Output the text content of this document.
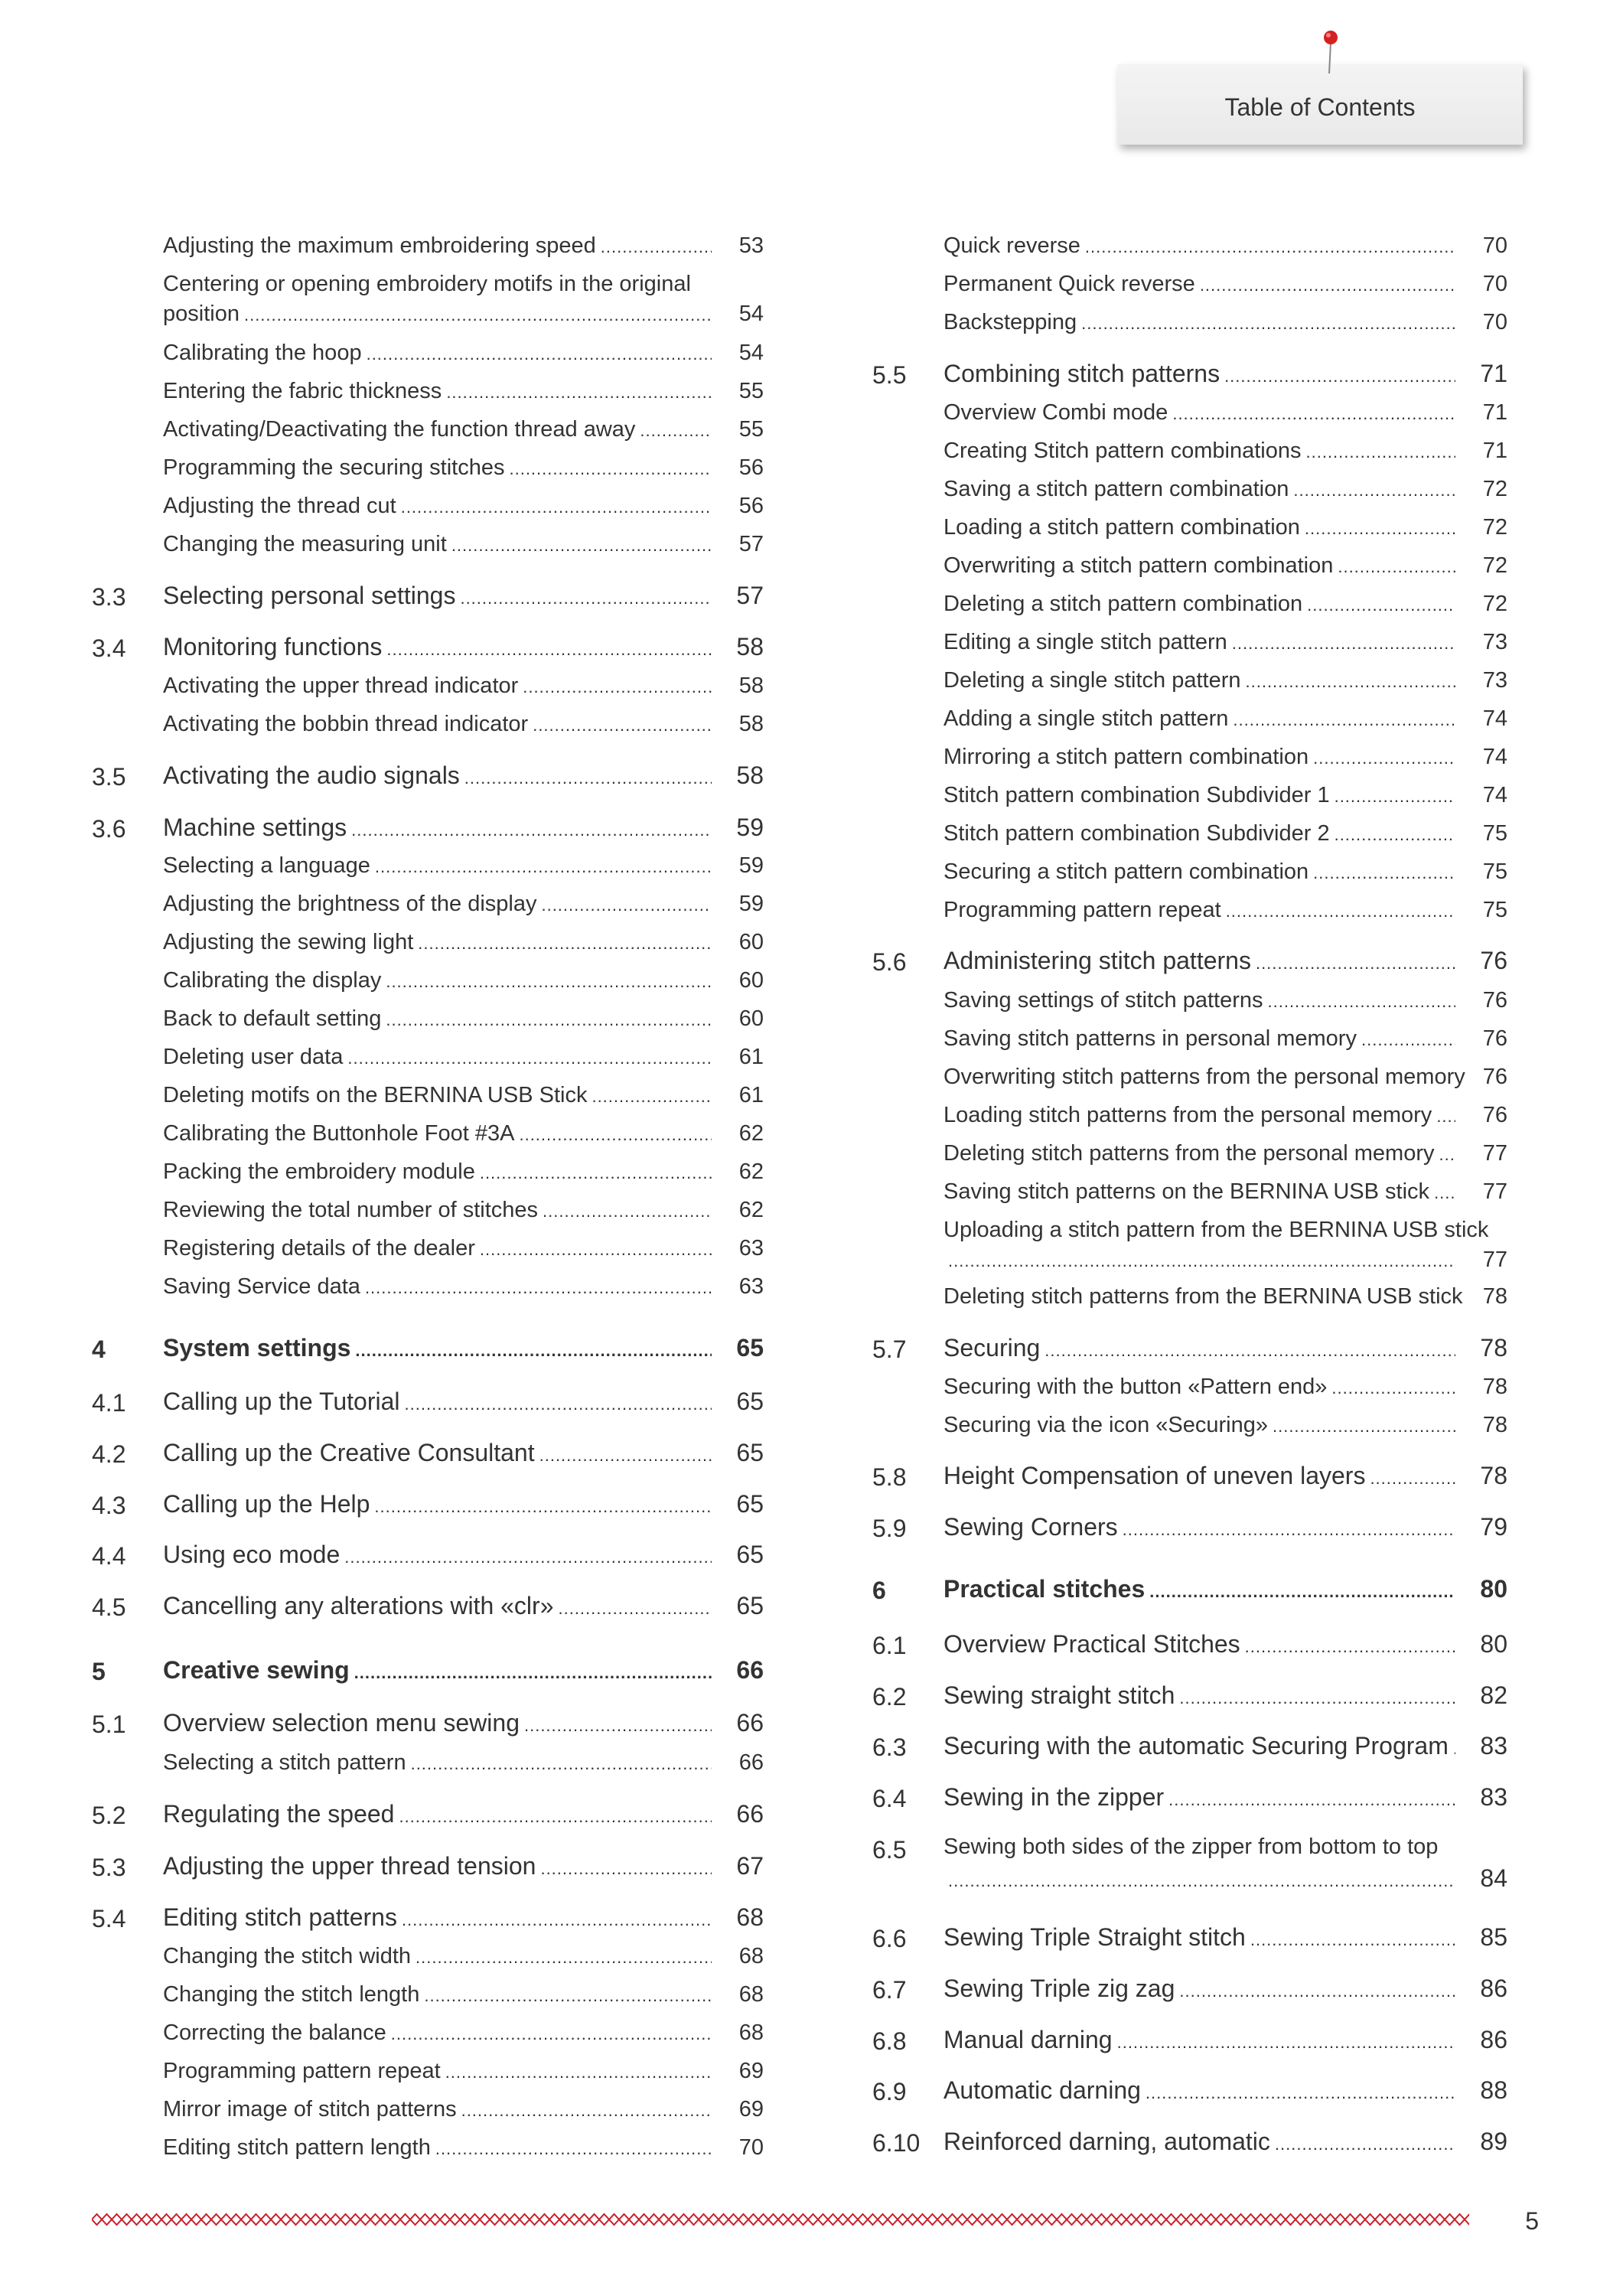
Table of Contents
Adjusting the maximum embroidering speed .....	53
Centering or opening embroidery motifs in the original
position .....	54
Calibrating the hoop .....	54
Entering the fabric thickness .....	55
Activating/Deactivating the function thread away .....	55
Programming the securing stitches .....	56
Adjusting the thread cut .....	56
Changing the measuring unit .....	57
3.3 Selecting personal settings .....	57
3.4 Monitoring functions .....	58
Activating the upper thread indicator .....	58
Activating the bobbin thread indicator .....	58
3.5 Activating the audio signals .....	58
3.6 Machine settings .....	59
Selecting a language .....	59
Adjusting the brightness of the display .....	59
Adjusting the sewing light .....	60
Calibrating the display .....	60
Back to default setting .....	60
Deleting user data .....	61
Deleting motifs on the BERNINA USB Stick .....	61
Calibrating the Buttonhole Foot #3A .....	62
Packing the embroidery module .....	62
Reviewing the total number of stitches .....	62
Registering details of the dealer .....	63
Saving Service data .....	63
4 System settings .....	65
4.1 Calling up the Tutorial .....	65
4.2 Calling up the Creative Consultant .....	65
4.3 Calling up the Help .....	65
4.4 Using eco mode .....	65
4.5 Cancelling any alterations with «clr» .....	65
5 Creative sewing .....	66
5.1 Overview selection menu sewing .....	66
Selecting a stitch pattern .....	66
5.2 Regulating the speed .....	66
5.3 Adjusting the upper thread tension .....	67
5.4 Editing stitch patterns .....	68
Changing the stitch width .....	68
Changing the stitch length .....	68
Correcting the balance .....	68
Programming pattern repeat .....	69
Mirror image of stitch patterns .....	69
Editing stitch pattern length .....	70
Quick reverse .....	70
Permanent Quick reverse .....	70
Backstepping .....	70
5.5 Combining stitch patterns .....	71
Overview Combi mode .....	71
Creating Stitch pattern combinations .....	71
Saving a stitch pattern combination .....	72
Loading a stitch pattern combination .....	72
Overwriting a stitch pattern combination .....	72
Deleting a stitch pattern combination .....	72
Editing a single stitch pattern .....	73
Deleting a single stitch pattern .....	73
Adding a single stitch pattern .....	74
Mirroring a stitch pattern combination .....	74
Stitch pattern combination Subdivider 1 .....	74
Stitch pattern combination Subdivider 2 .....	75
Securing a stitch pattern combination .....	75
Programming pattern repeat .....	75
5.6 Administering stitch patterns .....	76
Saving settings of stitch patterns .....	76
Saving stitch patterns in personal memory .....	76
Overwriting stitch patterns from the personal memory 76
Loading stitch patterns from the personal memory .....	76
Deleting stitch patterns from the personal memory .....	77
Saving stitch patterns on the BERNINA USB stick .....	77
Uploading a stitch pattern from the BERNINA USB stick
.....
77
Deleting stitch patterns from the BERNINA USB stick 78
5.7 Securing .....	78
Securing with the button «Pattern end» .....	78
Securing via the icon «Securing» .....	78
5.8 Height Compensation of uneven layers .....	78
5.9 Sewing Corners .....	79
6 Practical stitches .....	80
6.1 Overview Practical Stitches .....	80
6.2 Sewing straight stitch .....	82
6.3 Securing with the automatic Securing Program .....	83
6.4 Sewing in the zipper .....	83
6.5 Sewing both sides of the zipper from bottom to top
.....
84
6.6 Sewing Triple Straight stitch .....	85
6.7 Sewing Triple zig zag .....	86
6.8 Manual darning .....	86
6.9 Automatic darning .....	88
6.10 Reinforced darning, automatic .....	89
5
